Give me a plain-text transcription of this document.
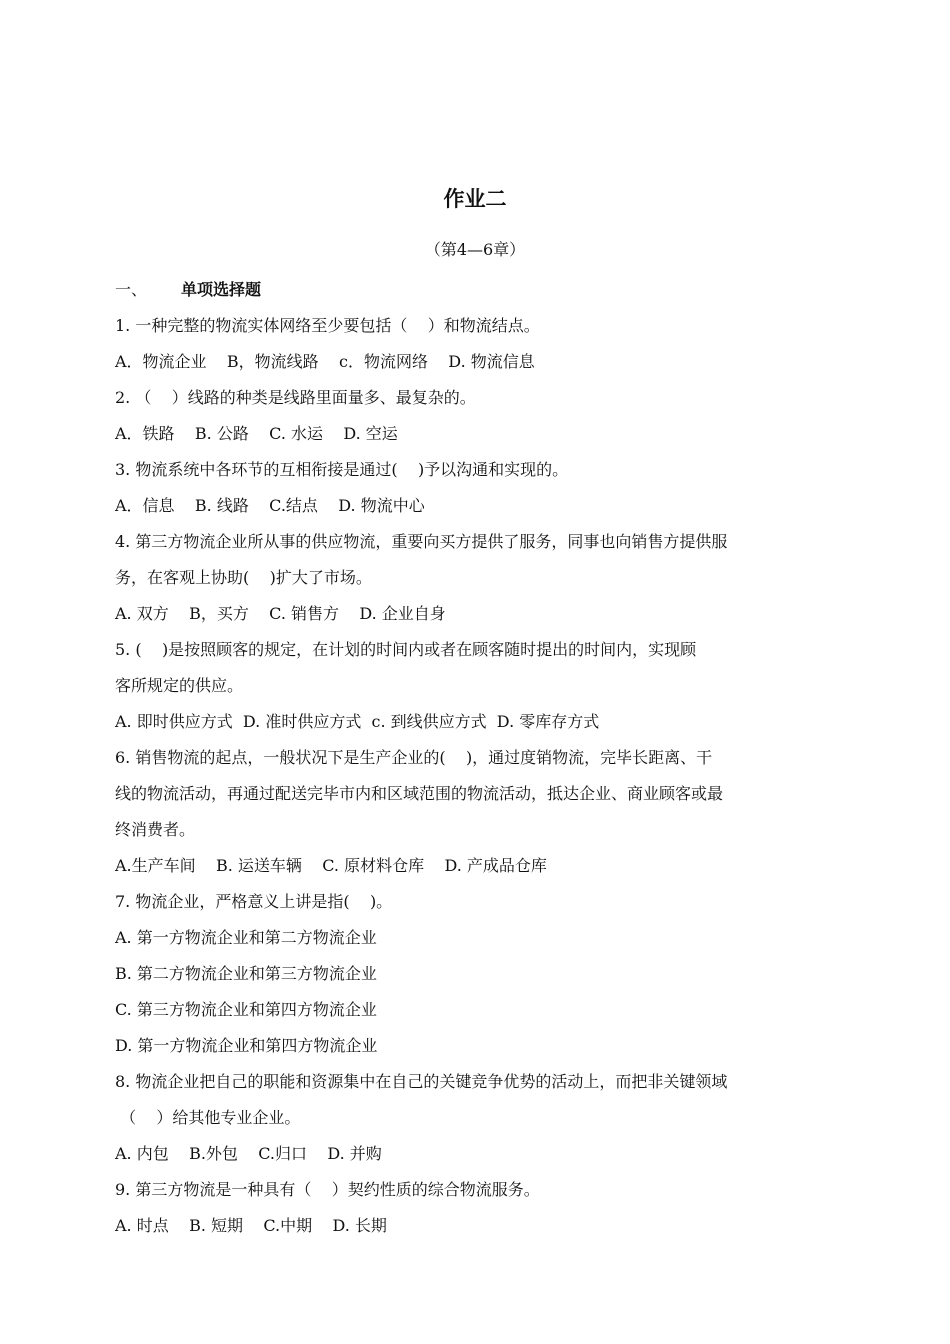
作业二
（第4—6章）
一、 单项选择题
1. 一种完整的物流实体网络至少要包括（    ）和物流结点。
A．物流企业    B，物流线路    c．物流网络    D. 物流信息
2. （    ）线路的种类是线路里面量多、最复杂的。
A．铁路    B. 公路    C. 水运    D. 空运
3. 物流系统中各环节的互相衔接是通过(    )予以沟通和实现的。
A．信息    B. 线路    C.结点    D. 物流中心
4. 第三方物流企业所从事的供应物流，重要向买方提供了服务，同事也向销售方提供服
务，在客观上协助(    )扩大了市场。
A. 双方    B，买方    C. 销售方    D. 企业自身
5. (    )是按照顾客的规定，在计划的时间内或者在顾客随时提出的时间内，实现顾
客所规定的供应。
A. 即时供应方式  D. 准时供应方式  c. 到线供应方式  D. 零库存方式
6. 销售物流的起点，一般状况下是生产企业的(    )，通过度销物流，完毕长距离、干
线的物流活动，再通过配送完毕市内和区域范围的物流活动，抵达企业、商业顾客或最
终消费者。
A.生产车间    B. 运送车辆    C. 原材料仓库    D. 产成品仓库
7. 物流企业，严格意义上讲是指(    )。
A. 第一方物流企业和第二方物流企业
B. 第二方物流企业和第三方物流企业
C. 第三方物流企业和第四方物流企业
D. 第一方物流企业和第四方物流企业
8. 物流企业把自己的职能和资源集中在自己的关键竞争优势的活动上，而把非关键领域
（    ）给其他专业企业。
A. 内包    B.外包    C.归口    D. 并购
9. 第三方物流是一种具有（    ）契约性质的综合物流服务。
A. 时点    B. 短期    C.中期    D. 长期
